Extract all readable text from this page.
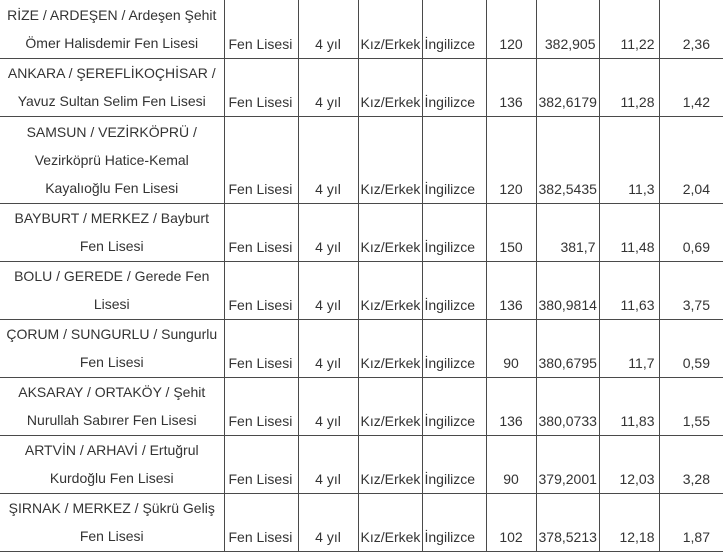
RİZE / ARDEŞEN / Ardeşen Şehit Ömer Halisdemir Fen Lisesi	Fen Lisesi	4 yıl	Kız/Erkek	İngilizce	120	382,905	11,22	2,36
ANKARA / ŞEREFLİKOÇHİSAR / Yavuz Sultan Selim Fen Lisesi	Fen Lisesi	4 yıl	Kız/Erkek	İngilizce	136	382,6179	11,28	1,42
SAMSUN / VEZİRKÖPRÜ / Vezirköprü Hatice-Kemal Kayalıoğlu Fen Lisesi	Fen Lisesi	4 yıl	Kız/Erkek	İngilizce	120	382,5435	11,3	2,04
BAYBURT / MERKEZ / Bayburt Fen Lisesi	Fen Lisesi	4 yıl	Kız/Erkek	İngilizce	150	381,7	11,48	0,69
BOLU / GEREDE / Gerede Fen Lisesi	Fen Lisesi	4 yıl	Kız/Erkek	İngilizce	136	380,9814	11,63	3,75
ÇORUM / SUNGURLU / Sungurlu Fen Lisesi	Fen Lisesi	4 yıl	Kız/Erkek	İngilizce	90	380,6795	11,7	0,59
AKSARAY / ORTAKÖY / Şehit Nurullah Sabırer Fen Lisesi	Fen Lisesi	4 yıl	Kız/Erkek	İngilizce	136	380,0733	11,83	1,55
ARTVİN / ARHAVİ / Ertuğrul Kurdoğlu Fen Lisesi	Fen Lisesi	4 yıl	Kız/Erkek	İngilizce	90	379,2001	12,03	3,28
ŞIRNAK / MERKEZ / Şükrü Geliş Fen Lisesi	Fen Lisesi	4 yıl	Kız/Erkek	İngilizce	102	378,5213	12,18	1,87
